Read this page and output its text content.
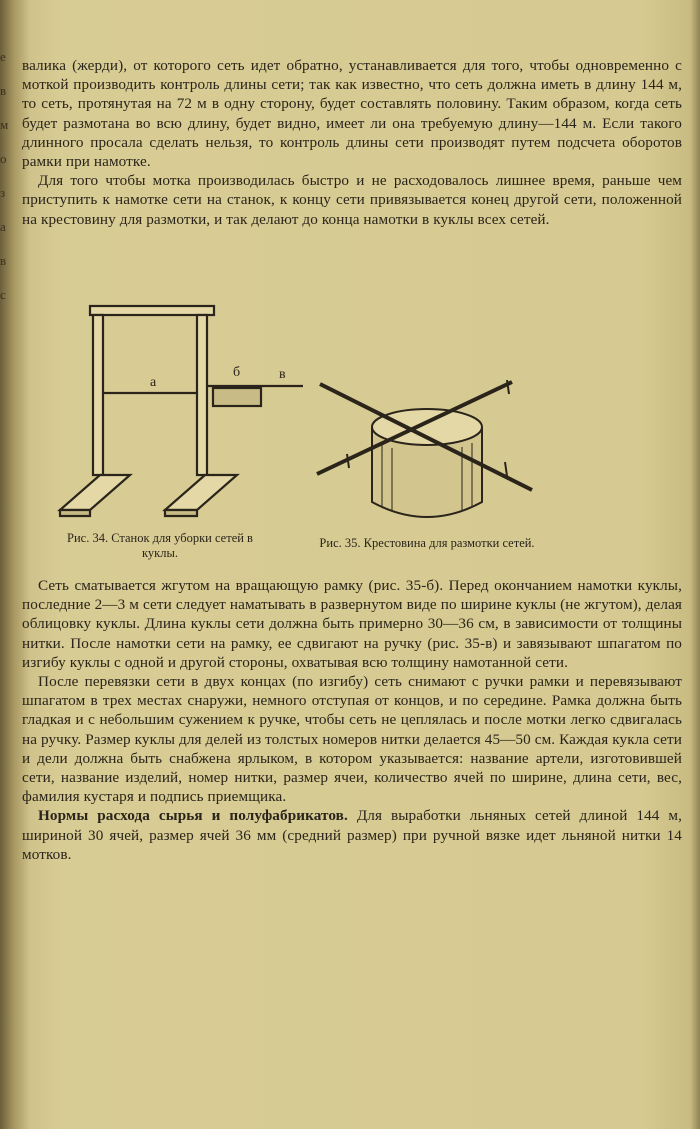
е
в
м
о
з
а
в
с

валика (жерди), от которого сеть идет обратно, устанавливается для того, чтобы одновременно с моткой производить контроль длины сети; так как известно, что сеть должна иметь в длину 144 м, то сеть, протянутая на 72 м в одну сторону, будет составлять половину. Таким образом, когда сеть будет размотана во всю длину, будет видно, имеет ли она требуемую длину—144 м. Если такого длинного просала сделать нельзя, то контроль длины сети производят путем подсчета оборотов рамки при намотке.

Для того чтобы мотка производилась быстро и не расходовалось лишнее время, раньше чем приступить к намотке сети на станок, к концу сети привязывается конец другой сети, положенной на крестовину для размотки, и так делают до конца намотки в куклы всех сетей.

а
б	в
Рис. 34. Станок для уборки сетей в куклы.
Рис. 35. Крестовина для размотки сетей.

Сеть сматывается жгутом на вращающую рамку (рис. 35-б). Перед окончанием намотки куклы, последние 2—3 м сети следует наматывать в развернутом виде по ширине куклы (не жгутом), делая облицовку куклы. Длина куклы сети должна быть примерно 30—36 см, в зависимости от толщины нитки. После намотки сети на рамку, ее сдвигают на ручку (рис. 35-в) и завязывают шпагатом по изгибу куклы с одной и другой стороны, охватывая всю толщину намотанной сети.

После перевязки сети в двух концах (по изгибу) сеть снимают с ручки рамки и перевязывают шпагатом в трех местах снаружи, немного отступая от концов, и по середине. Рамка должна быть гладкая и с небольшим сужением к ручке, чтобы сеть не цеплялась и после мотки легко сдвигалась на ручку. Размер куклы для делей из толстых номеров нитки делается 45—50 см. Каждая кукла сети и дели должна быть снабжена ярлыком, в котором указывается: название артели, изготовившей сети, название изделий, номер нитки, размер ячеи, количество ячей по ширине, длина сети, вес, фамилия кустаря и подпись приемщика.

Нормы расхода сырья и полуфабрикатов. Для выработки льняных сетей длиной 144 м, шириной 30 ячей, размер ячей 36 мм (средний размер) при ручной вязке идет льняной нитки 14 мотков.
